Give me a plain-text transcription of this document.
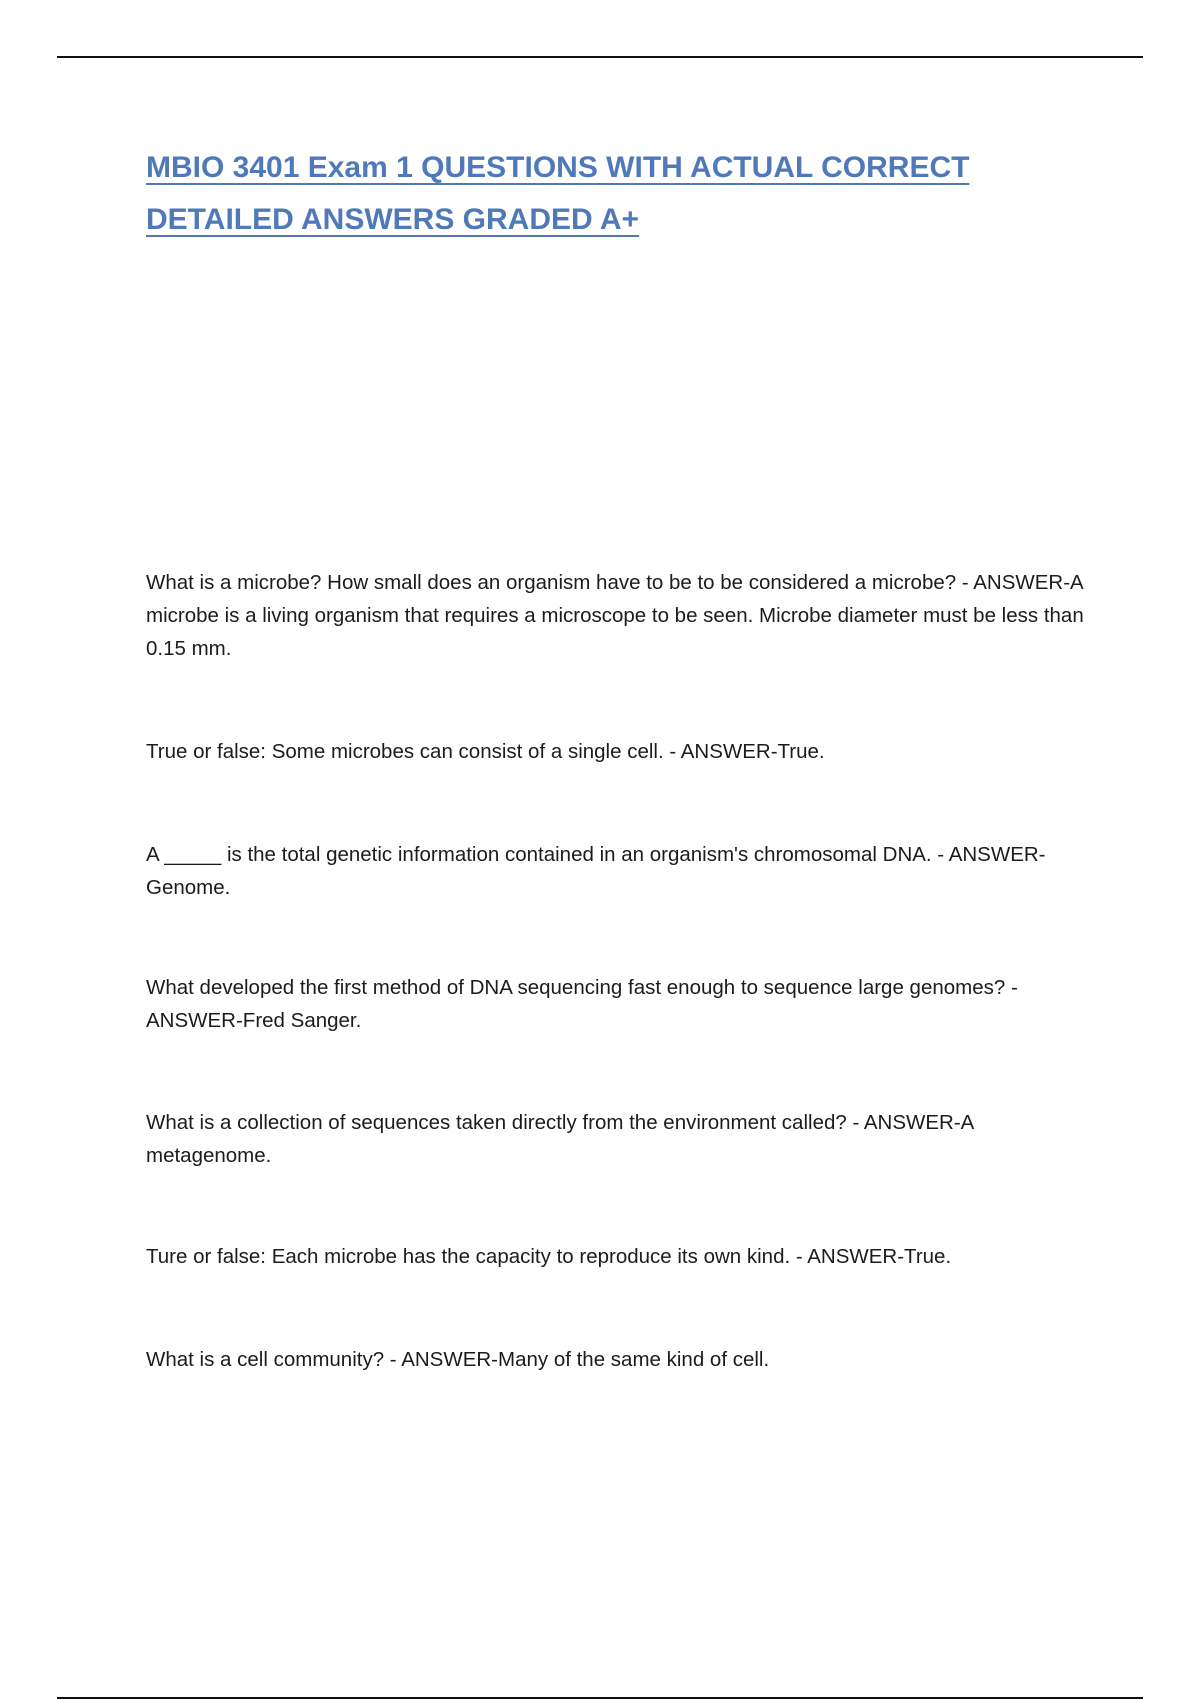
MBIO 3401 Exam 1 QUESTIONS WITH ACTUAL CORRECT DETAILED ANSWERS GRADED A+

What is a microbe? How small does an organism have to be to be considered a microbe? - ANSWER-A microbe is a living organism that requires a microscope to be seen. Microbe diameter must be less than 0.15 mm.

True or false: Some microbes can consist of a single cell. - ANSWER-True.

A _____ is the total genetic information contained in an organism's chromosomal DNA. - ANSWER-Genome.

What developed the first method of DNA sequencing fast enough to sequence large genomes? - ANSWER-Fred Sanger.

What is a collection of sequences taken directly from the environment called? - ANSWER-A metagenome.

Ture or false: Each microbe has the capacity to reproduce its own kind. - ANSWER-True.

What is a cell community? - ANSWER-Many of the same kind of cell.
